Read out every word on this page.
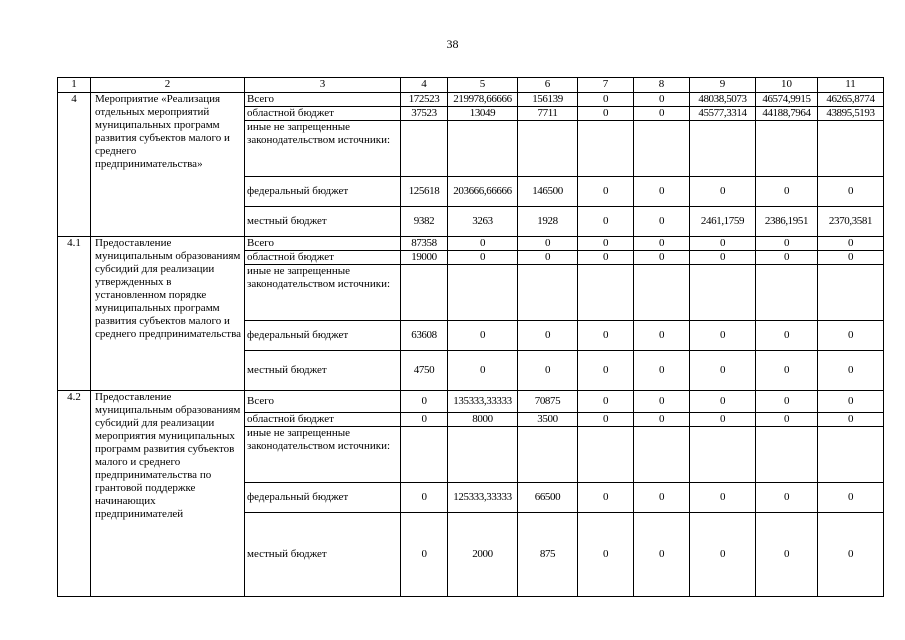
38
1	2	3	4	5	6	7	8	9	10	11
4	Мероприятие «Реализация отдельных мероприятий муниципальных программ развития субъектов малого и среднего предпринимательства»	Всего	172523	219978,66666	156139	0	0	48038,5073	46574,9915	46265,8774
		областной бюджет	37523	13049	7711	0	0	45577,3314	44188,7964	43895,5193
		иные не запрещенные законодательством источники:								
		федеральный бюджет	125618	203666,66666	146500	0	0	0	0	0
		местный бюджет	9382	3263	1928	0	0	2461,1759	2386,1951	2370,3581
4.1	Предоставление муниципальным образованиям субсидий для реализации утвержденных в установленном порядке муниципальных программ развития субъектов малого и среднего предпринимательства	Всего	87358	0	0	0	0	0	0	0
		областной бюджет	19000	0	0	0	0	0	0	0
		иные не запрещенные законодательством источники:								
		федеральный бюджет	63608	0	0	0	0	0	0	0
		местный бюджет	4750	0	0	0	0	0	0	0
4.2	Предоставление муниципальным образованиям субсидий для реализации мероприятия муниципальных программ развития субъектов малого и среднего предпринимательства по грантовой поддержке начинающих предпринимателей	Всего	0	135333,33333	70875	0	0	0	0	0
		областной бюджет	0	8000	3500	0	0	0	0	0
		иные не запрещенные законодательством источники:								
		федеральный бюджет	0	125333,33333	66500	0	0	0	0	0
		местный бюджет	0	2000	875	0	0	0	0	0
